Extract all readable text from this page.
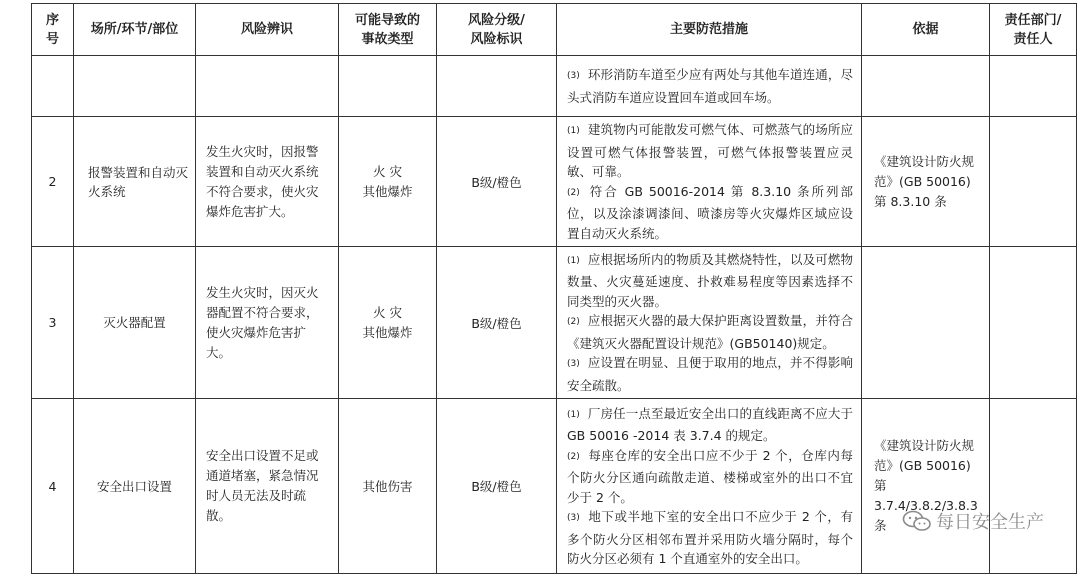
序
号	场所/环节/部位	风险辨识	可能导致的
事故类型	风险分级/
风险标识	主要防范措施	依据	责任部门/
责任人

					(3) 环形消防车道至少应有两处与其他车道连通，尽头式消防车道应设置回车道或回车场。		

2	报警装置和自动灭火系统	发生火灾时，因报警装置和自动灭火系统不符合要求，使火灾爆炸危害扩大。	火 灾
其他爆炸	B级/橙色	(1) 建筑物内可能散发可燃气体、可燃蒸气的场所应设置可燃气体报警装置，可燃气体报警装置应灵敏、可靠。
(2) 符合 GB 50016-2014 第 8.3.10 条所列部位，以及涂漆调漆间、喷漆房等火灾爆炸区域应设置自动灭火系统。	《建筑设计防火规范》(GB 50016)第 8.3.10 条	
3	灭火器配置	发生火灾时，因灭火器配置不符合要求，使火灾爆炸危害扩大。	火 灾
其他爆炸	B级/橙色	(1) 应根据场所内的物质及其燃烧特性，以及可燃物数量、火灾蔓延速度、扑救难易程度等因素选择不同类型的灭火器。
(2) 应根据灭火器的最大保护距离设置数量，并符合《建筑灭火器配置设计规范》(GB50140)规定。
(3) 应设置在明显、且便于取用的地点，并不得影响安全疏散。		

4	安全出口设置	安全出口设置不足或通道堵塞，紧急情况时人员无法及时疏散。	其他伤害	B级/橙色	(1) 厂房任一点至最近安全出口的直线距离不应大于 GB 50016 -2014 表 3.7.4 的规定。
(2) 每座仓库的安全出口应不少于 2 个，仓库内每个防火分区通向疏散走道、楼梯或室外的出口不宜少于 2 个。
(3) 地下或半地下室的安全出口不应少于 2 个，有多个防火分区相邻布置并采用防火墙分隔时，每个防火分区必须有 1 个直通室外的安全出口。	《建筑设计防火规范》(GB 50016)第 3.7.4/3.8.2/3.8.3 条		每日安全生产
